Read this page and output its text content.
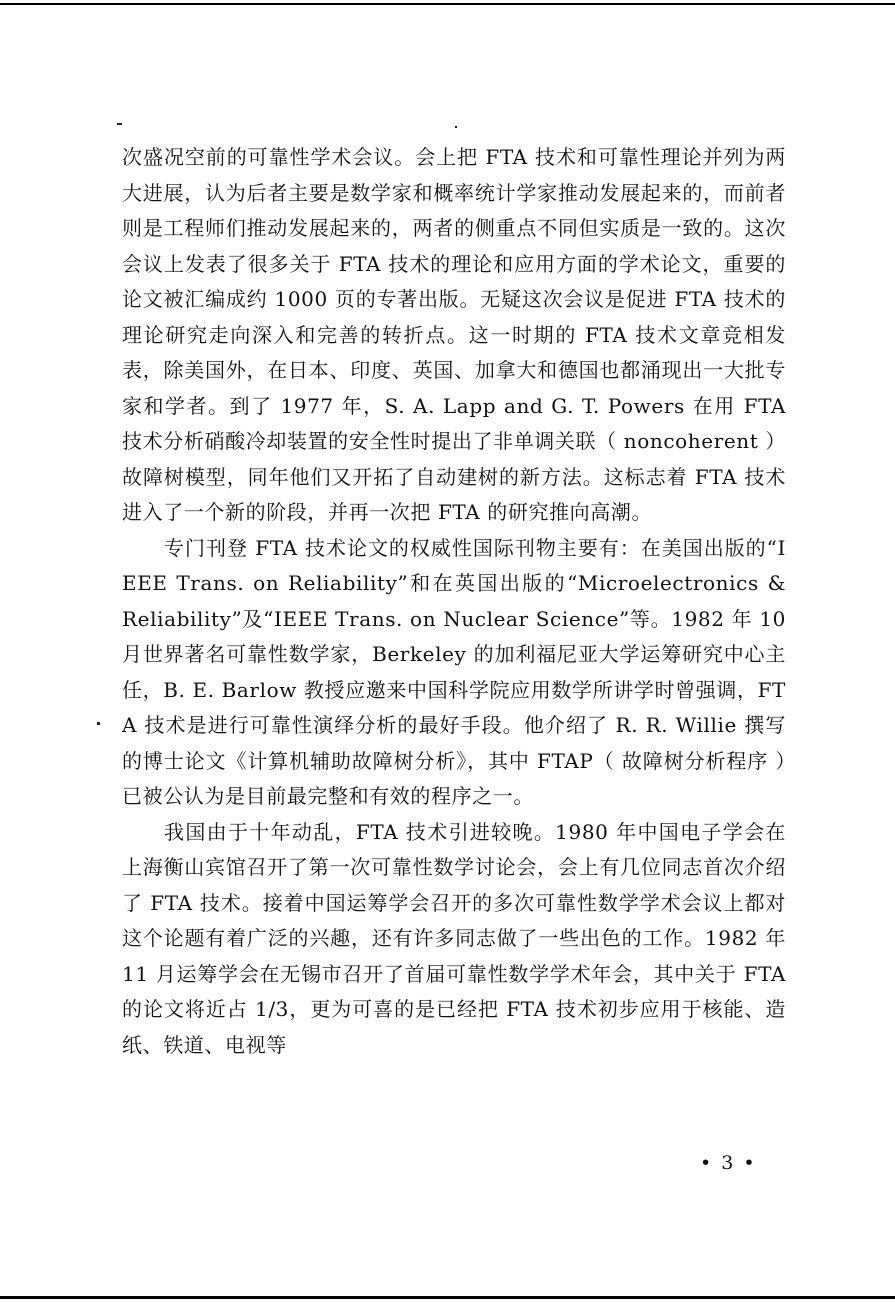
次盛况空前的可靠性学术会议。会上把 FTA 技术和可靠性理论并列为两大进展，认为后者主要是数学家和概率统计学家推动发展起来的，而前者则是工程师们推动发展起来的，两者的侧重点不同但实质是一致的。这次会议上发表了很多关于 FTA 技术的理论和应用方面的学术论文，重要的论文被汇编成约 1000 页的专著出版。无疑这次会议是促进 FTA 技术的理论研究走向深入和完善的转折点。这一时期的 FTA 技术文章竞相发表，除美国外，在日本、印度、英国、加拿大和德国也都涌现出一大批专家和学者。到了 1977 年，S. A. Lapp and G. T. Powers 在用 FTA 技术分析硝酸冷却装置的安全性时提出了非单调关联（ noncoherent ）故障树模型，同年他们又开拓了自动建树的新方法。这标志着 FTA 技术进入了一个新的阶段，并再一次把 FTA 的研究推向高潮。

专门刊登 FTA 技术论文的权威性国际刊物主要有：在美国出版的“IEEE Trans. on Reliability”和在英国出版的“Microelectronics & Reliability”及“IEEE Trans. on Nuclear Science”等。1982 年 10 月世界著名可靠性数学家，Berkeley 的加利福尼亚大学运筹研究中心主任，B. E. Barlow 教授应邀来中国科学院应用数学所讲学时曾强调，FTA 技术是进行可靠性演绎分析的最好手段。他介绍了 R. R. Willie 撰写的博士论文《计算机辅助故障树分析》，其中 FTAP（ 故障树分析程序 ）已被公认为是目前最完整和有效的程序之一。

我国由于十年动乱，FTA 技术引进较晚。1980 年中国电子学会在上海衡山宾馆召开了第一次可靠性数学讨论会，会上有几位同志首次介绍了 FTA 技术。接着中国运筹学会召开的多次可靠性数学学术会议上都对这个论题有着广泛的兴趣，还有许多同志做了一些出色的工作。1982 年 11 月运筹学会在无锡市召开了首届可靠性数学学术年会，其中关于 FTA 的论文将近占 1/3，更为可喜的是已经把 FTA 技术初步应用于核能、造纸、铁道、电视等

• 3 •
